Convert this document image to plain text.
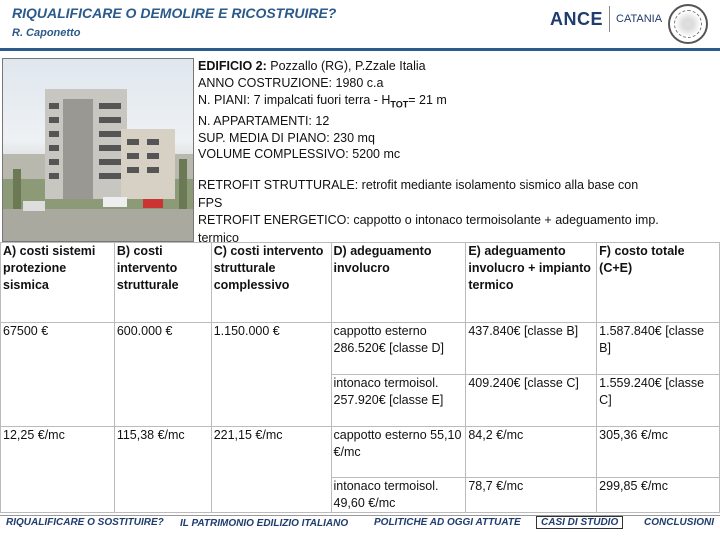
RIQUALIFICARE O DEMOLIRE E RICOSTRUIRE?
R. Caponetto
ANCE CATANIA
EDIFICIO 2: Pozzallo (RG), P.Zzale Italia
ANNO COSTRUZIONE: 1980 c.a
N. PIANI: 7 impalcati fuori terra - $H_{TOT}= 21$ m
N. APPARTAMENTI: 12
SUP. MEDIA DI PIANO: 230 mq
VOLUME COMPLESSIVO: 5200 mc
RETROFIT STRUTTURALE: retrofit mediante isolamento sismico alla base con
FPS
RETROFIT ENERGETICO: cappotto o intonaco termoisolante + adeguamento imp.
termico
A) costi sistemi protezione sismica	B) costi intervento strutturale	C) costi intervento strutturale complessivo	D) adeguamento involucro	E) adeguamento involucro + impianto termico	F) costo totale (C+E)
67500 €	600.000 €	1.150.000 €	cappotto esterno 286.520€ [classe D]	437.840€ [classe B]	1.587.840€ [classe B]
			intonaco termoisol. 257.920€ [classe E]	409.240€ [classe C]	1.559.240€ [classe C]
12,25 €/mc	115,38 €/mc	221,15 €/mc	cappotto esterno 55,10 €/mc	84,2 €/mc	305,36 €/mc
			intonaco termoisol. 49,60 €/mc	78,7 €/mc	299,85 €/mc
RIQUALIFICARE O SOSTITUIRE? IL PATRIMONIO EDILIZIO ITALIANO	POLITICHE AD OGGI ATTUATE	CASI DI STUDIO	CONCLUSIONI
